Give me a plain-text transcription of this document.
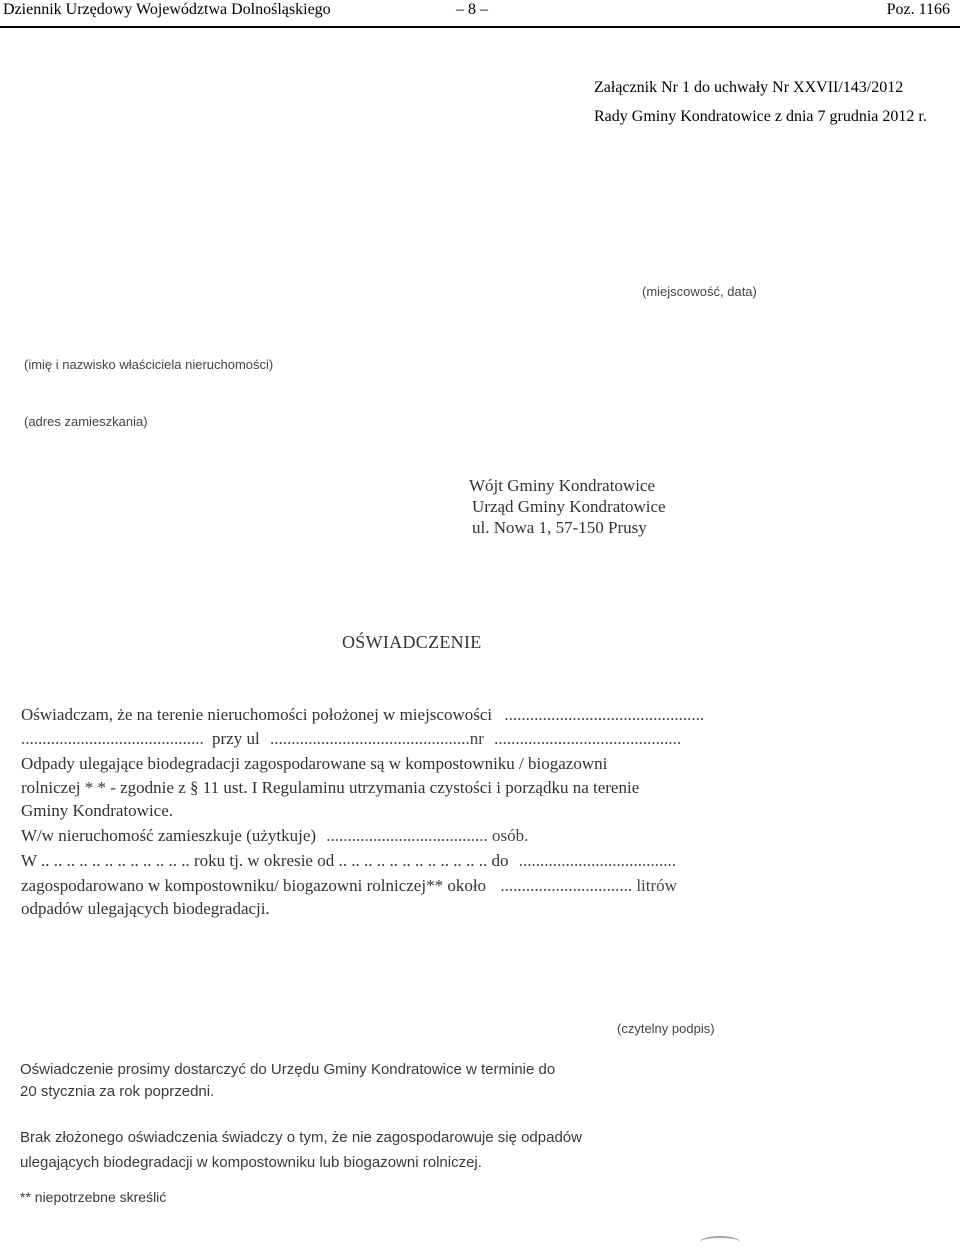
Dziennik Urzędowy Województwa Dolnośląskiego	– 8 –	Poz. 1166
Załącznik Nr 1 do uchwały Nr XXVII/143/2012
Rady Gminy Kondratowice z dnia 7 grudnia 2012 r.
(miejscowość, data)
(imię i nazwisko właściciela nieruchomości)
(adres zamieszkania)
Wójt Gminy Kondratowice
Urząd Gminy Kondratowice
ul. Nowa 1, 57-150 Prusy
OŚWIADCZENIE
Oświadczam, że na terenie nieruchomości położonej w miejscowości ...............................................
........................................... przy ul ...............................................nr ............................................
Odpady ulegające biodegradacji zagospodarowane są w kompostowniku / biogazowni
rolniczej * * - zgodnie z § 11 ust. I Regulaminu utrzymania czystości i porządku na terenie
Gminy Kondratowice.
W/w nieruchomość zamieszkuje (użytkuje) ...................................... osób.
W .. .. .. .. .. .. .. .. .. .. .. .. roku tj. w okresie od .. .. .. .. .. .. .. .. .. .. .. .. do .....................................
zagospodarowano w kompostowniku/ biogazowni rolniczej** około ............................... litrów
odpadów ulegających biodegradacji.
(czytelny podpis)
Oświadczenie prosimy dostarczyć do Urzędu Gminy Kondratowice w terminie do
20 stycznia za rok poprzedni.
Brak złożonego oświadczenia świadczy o tym, że nie zagospodarowuje się odpadów
ulegających biodegradacji w kompostowniku lub biogazowni rolniczej.
** niepotrzebne skreślić
